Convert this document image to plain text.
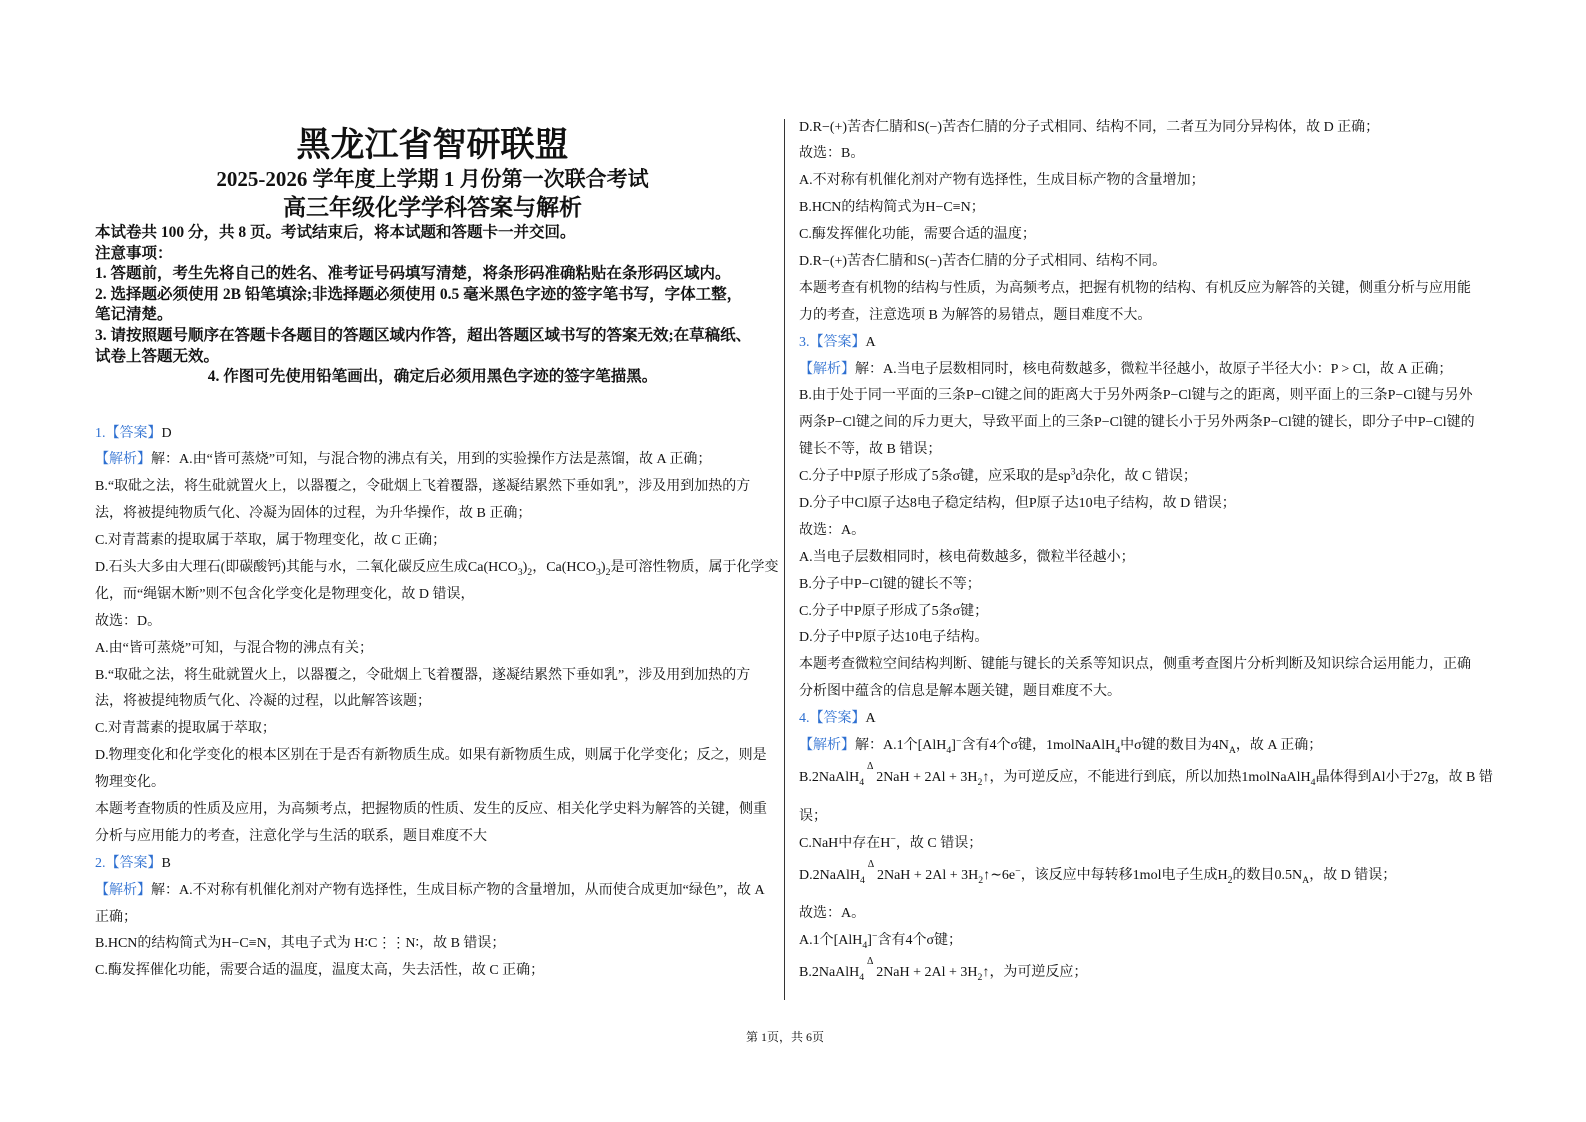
黑龙江省智研联盟
2025-2026 学年度上学期 1 月份第一次联合考试
高三年级化学学科答案与解析
本试卷共 100 分，共 8 页。考试结束后，将本试题和答题卡一并交回。
注意事项：
1. 答题前，考生先将自己的姓名、准考证号码填写清楚，将条形码准确粘贴在条形码区域内。
2. 选择题必须使用 2B 铅笔填涂;非选择题必须使用 0.5 毫米黑色字迹的签字笔书写，字体工整，
笔记清楚。
3. 请按照题号顺序在答题卡各题目的答题区域内作答，超出答题区域书写的答案无效;在草稿纸、
试卷上答题无效。
4. 作图可先使用铅笔画出，确定后必须用黑色字迹的签字笔描黑。
1.【答案】D
【解析】解：A.由“皆可蒸烧”可知，与混合物的沸点有关，用到的实验操作方法是蒸馏，故 A 正确；
B.“取砒之法，将生砒就置火上，以器覆之，令砒烟上飞着覆器，遂凝结累然下垂如乳”，涉及用到加热的方
法，将被提纯物质气化、冷凝为固体的过程，为升华操作，故 B 正确；
C.对青蒿素的提取属于萃取，属于物理变化，故 C 正确；
D.石头大多由大理石(即碳酸钙)其能与水，二氧化碳反应生成$Ca(HCO_3)_2$，$Ca(HCO_3)_2$是可溶性物质，属于化学变
化，而“绳锯木断”则不包含化学变化是物理变化，故 D 错误，
故选：D。
A.由“皆可蒸烧”可知，与混合物的沸点有关；
B.“取砒之法，将生砒就置火上，以器覆之，令砒烟上飞着覆器，遂凝结累然下垂如乳”，涉及用到加热的方
法，将被提纯物质气化、冷凝的过程，以此解答该题；
C.对青蒿素的提取属于萃取；
D.物理变化和化学变化的根本区别在于是否有新物质生成。如果有新物质生成，则属于化学变化；反之，则是
物理变化。
本题考查物质的性质及应用，为高频考点，把握物质的性质、发生的反应、相关化学史料为解答的关键，侧重
分析与应用能力的考查，注意化学与生活的联系，题目难度不大
2.【答案】B
【解析】解：A.不对称有机催化剂对产物有选择性，生成目标产物的含量增加，从而使合成更加“绿色”，故 A
正确；
B.HCN的结构简式为H−C≡N，其电子式为 H∶C⋮⋮N∶，故 B 错误；
C.酶发挥催化功能，需要合适的温度，温度太高，失去活性，故 C 正确；
D.R−(+)苦杏仁腈和S(−)苦杏仁腈的分子式相同、结构不同，二者互为同分异构体，故 D 正确；
故选：B。
A.不对称有机催化剂对产物有选择性，生成目标产物的含量增加；
B.HCN的结构简式为H−C≡N；
C.酶发挥催化功能，需要合适的温度；
D.R−(+)苦杏仁腈和S(−)苦杏仁腈的分子式相同、结构不同。
本题考查有机物的结构与性质，为高频考点，把握有机物的结构、有机反应为解答的关键，侧重分析与应用能
力的考查，注意选项 B 为解答的易错点，题目难度不大。
3.【答案】A
【解析】解：A.当电子层数相同时，核电荷数越多，微粒半径越小，故原子半径大小：P > Cl，故 A 正确；
B.由于处于同一平面的三条P−Cl键之间的距离大于另外两条P−Cl键与之的距离，则平面上的三条P−Cl键与另外
两条P−Cl键之间的斥力更大，导致平面上的三条P−Cl键的键长小于另外两条P−Cl键的键长，即分子中P−Cl键的
键长不等，故 B 错误；
C.分子中P原子形成了5条σ键，应采取的是$sp^3d$杂化，故 C 错误；
D.分子中Cl原子达8电子稳定结构，但P原子达10电子结构，故 D 错误；
故选：A。
A.当电子层数相同时，核电荷数越多，微粒半径越小；
B.分子中P−Cl键的键长不等；
C.分子中P原子形成了5条σ键；
D.分子中P原子达10电子结构。
本题考查微粒空间结构判断、键能与键长的关系等知识点，侧重考查图片分析判断及知识综合运用能力，正确
分析图中蕴含的信息是解本题关键，题目难度不大。
4.【答案】A
【解析】解：A.1个[AlH$_4$]−含有4个σ键，1molNaAlH$_4$中σ键的数目为$4N_A$，故 A 正确；
B.2NaAlH$_4$Δ2NaH + $2Al + 3H_2↑$，为可逆反应，不能进行到底，所以加热1molNaAlH$_4$晶体得到Al小于27g，故 B 错
误；
C.NaH中存在H−，故 C 错误；
D.2NaAlH$_4$Δ2NaH + $2Al + 3H_2↑\sim 6e^-$，该反应中每转移1mol电子生成$H_2$的数目$0.5N_A$，故 D 错误；
故选：A。
A.1个[AlH$_4$]−含有4个σ键；
B.2NaAlH$_4$Δ2NaH + $2Al + 3H_2↑$，为可逆反应；
第 1页，共 6页
